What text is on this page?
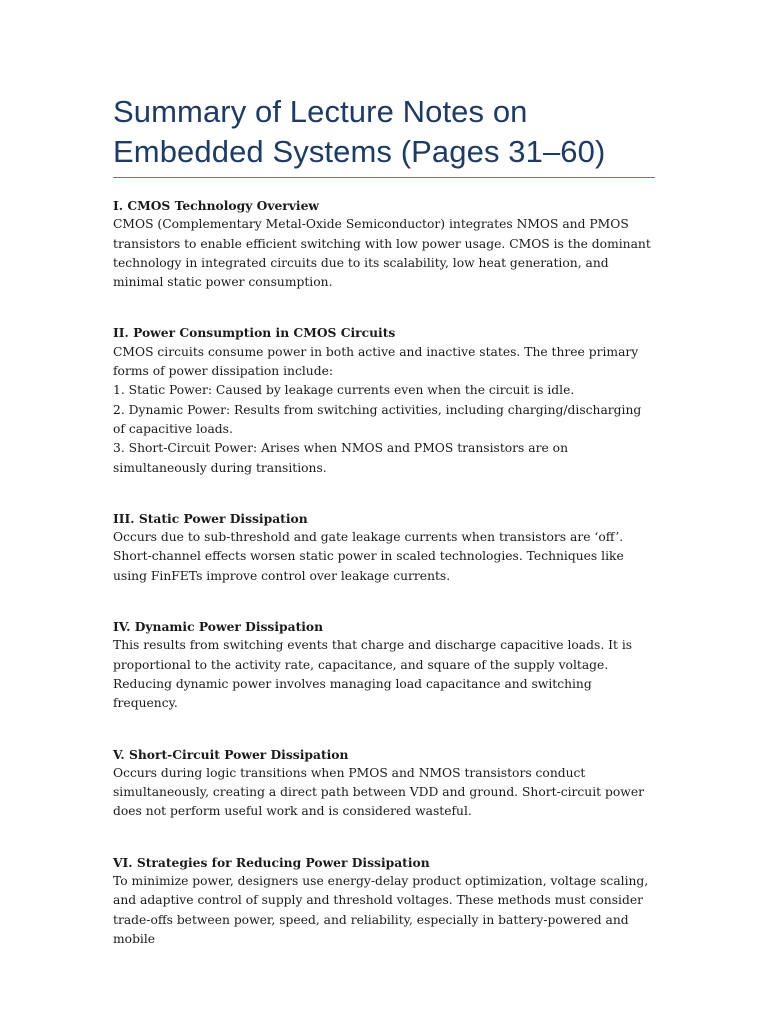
Summary of Lecture Notes on Embedded Systems (Pages 31–60)
I. CMOS Technology Overview
CMOS (Complementary Metal-Oxide Semiconductor) integrates NMOS and PMOS transistors to enable efficient switching with low power usage. CMOS is the dominant technology in integrated circuits due to its scalability, low heat generation, and minimal static power consumption.
II. Power Consumption in CMOS Circuits
CMOS circuits consume power in both active and inactive states. The three primary forms of power dissipation include:
1. Static Power: Caused by leakage currents even when the circuit is idle.
2. Dynamic Power: Results from switching activities, including charging/discharging of capacitive loads.
3. Short-Circuit Power: Arises when NMOS and PMOS transistors are on simultaneously during transitions.
III. Static Power Dissipation
Occurs due to sub-threshold and gate leakage currents when transistors are ‘off’. Short-channel effects worsen static power in scaled technologies. Techniques like using FinFETs improve control over leakage currents.
IV. Dynamic Power Dissipation
This results from switching events that charge and discharge capacitive loads. It is proportional to the activity rate, capacitance, and square of the supply voltage. Reducing dynamic power involves managing load capacitance and switching frequency.
V. Short-Circuit Power Dissipation
Occurs during logic transitions when PMOS and NMOS transistors conduct simultaneously, creating a direct path between VDD and ground. Short-circuit power does not perform useful work and is considered wasteful.
VI. Strategies for Reducing Power Dissipation
To minimize power, designers use energy-delay product optimization, voltage scaling, and adaptive control of supply and threshold voltages. These methods must consider trade-offs between power, speed, and reliability, especially in battery-powered and mobile
